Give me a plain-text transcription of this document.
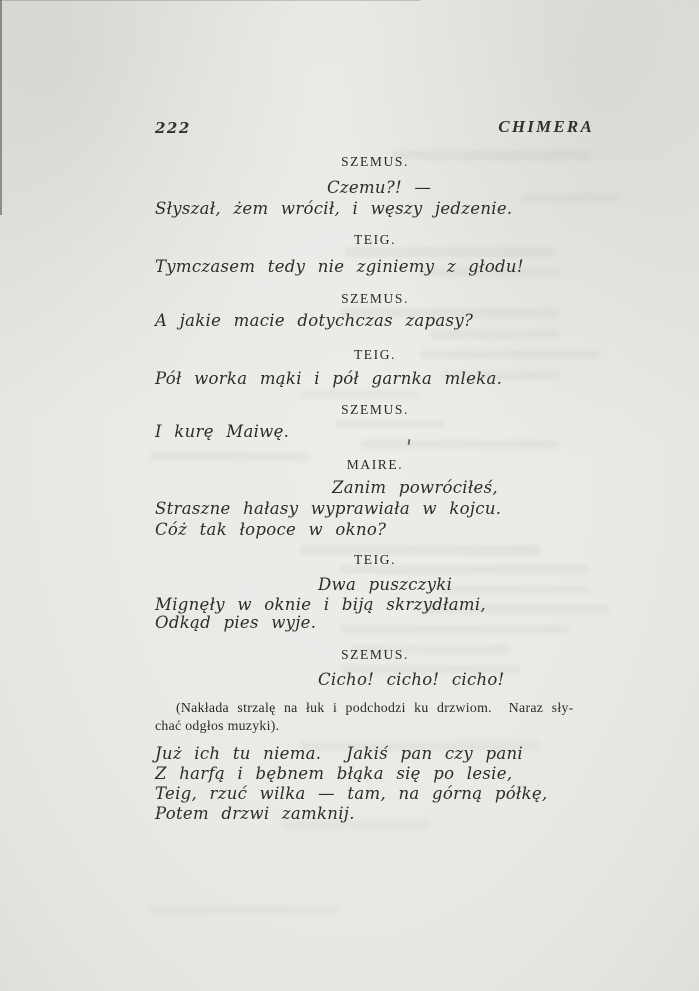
222	CHIMERA
SZEMUS.
Czemu?! —
Słyszał, żem wrócił, i węszy jedzenie.
TEIG.
Tymczasem tedy nie zginiemy z głodu!
SZEMUS.
A jakie macie dotychczas zapasy?
TEIG.
Pół worka mąki i pół garnka mleka.
SZEMUS.
I kurę Maiwę.
MAIRE.
Zanim powróciłeś,
Straszne hałasy wyprawiała w kojcu.
Cóż tak łopoce w okno?
TEIG.
Dwa puszczyki
Mignęły w oknie i biją skrzydłami,
Odkąd pies wyje.
SZEMUS.
Cicho! cicho! cicho!
(Nakłada strzalę na łuk i podchodzi ku drzwiom.  Naraz sły-
chać odgłos muzyki).
Już ich tu niema.  Jakiś pan czy pani
Z harfą i bębnem błąka się po lesie,
Teig, rzuć wilka — tam, na górną półkę,
Potem drzwi zamknij.
